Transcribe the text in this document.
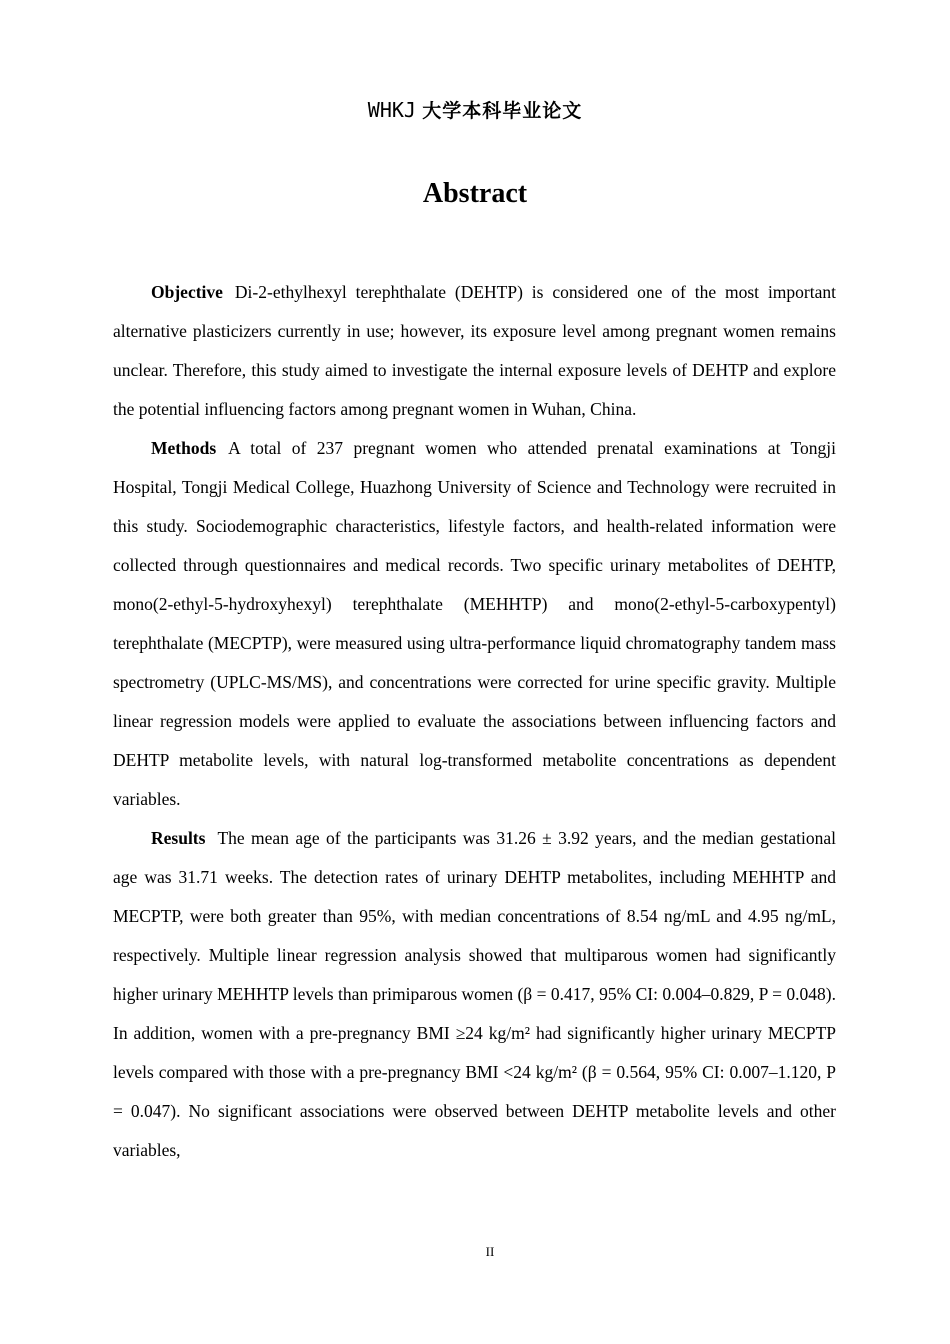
WHKJ 大学本科毕业论文
Abstract

Objective Di-2-ethylhexyl terephthalate (DEHTP) is considered one of the most important alternative plasticizers currently in use; however, its exposure level among pregnant women remains unclear. Therefore, this study aimed to investigate the internal exposure levels of DEHTP and explore the potential influencing factors among pregnant women in Wuhan, China.

Methods A total of 237 pregnant women who attended prenatal examinations at Tongji Hospital, Tongji Medical College, Huazhong University of Science and Technology were recruited in this study. Sociodemographic characteristics, lifestyle factors, and health-related information were collected through questionnaires and medical records. Two specific urinary metabolites of DEHTP, mono(2-ethyl-5-hydroxyhexyl) terephthalate (MEHHTP) and mono(2-ethyl-5-carboxypentyl) terephthalate (MECPTP), were measured using ultra-performance liquid chromatography tandem mass spectrometry (UPLC-MS/MS), and concentrations were corrected for urine specific gravity. Multiple linear regression models were applied to evaluate the associations between influencing factors and DEHTP metabolite levels, with natural log-transformed metabolite concentrations as dependent variables.

Results The mean age of the participants was 31.26 ± 3.92 years, and the median gestational age was 31.71 weeks. The detection rates of urinary DEHTP metabolites, including MEHHTP and MECPTP, were both greater than 95%, with median concentrations of 8.54 ng/mL and 4.95 ng/mL, respectively. Multiple linear regression analysis showed that multiparous women had significantly higher urinary MEHHTP levels than primiparous women (β = 0.417, 95% CI: 0.004–0.829, P = 0.048). In addition, women with a pre-pregnancy BMI ≥24 kg/m² had significantly higher urinary MECPTP levels compared with those with a pre-pregnancy BMI <24 kg/m² (β = 0.564, 95% CI: 0.007–1.120, P = 0.047). No significant associations were observed between DEHTP metabolite levels and other variables,

II
